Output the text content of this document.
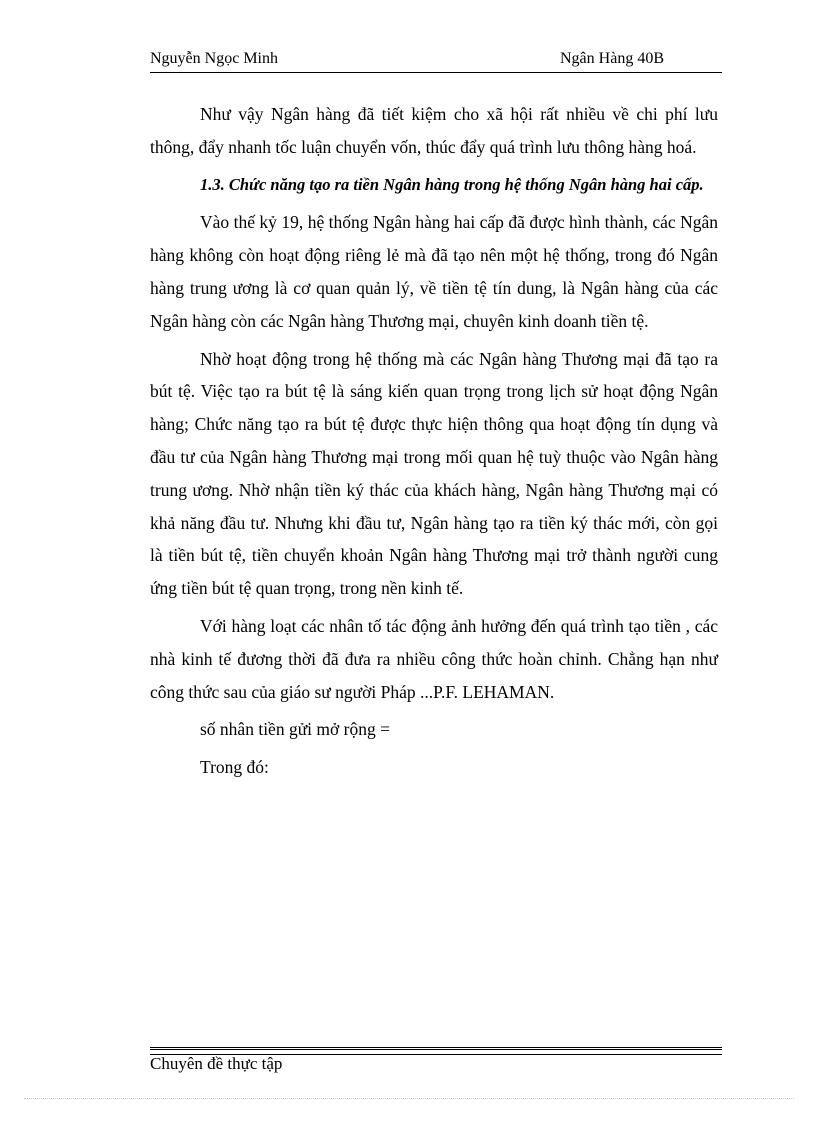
Nguyễn Ngọc Minh	Ngân Hàng 40B

Như vậy Ngân hàng đã tiết kiệm cho xã hội rất nhiều về chi phí lưu thông, đẩy nhanh tốc luận chuyển vốn, thúc đẩy quá trình lưu thông hàng hoá.

1.3. Chức năng tạo ra tiền Ngân hàng trong hệ thống Ngân hàng hai cấp.

Vào thế kỷ 19, hệ thống Ngân hàng hai cấp đã được hình thành, các Ngân hàng không còn hoạt động riêng lẻ mà đã tạo nên một hệ thống, trong đó Ngân hàng trung ương là cơ quan quản lý, về tiền tệ tín dung, là Ngân hàng của các Ngân hàng còn các Ngân hàng Thương mại, chuyên kinh doanh tiền tệ.

Nhờ hoạt động trong hệ thống mà các Ngân hàng Thương mại đã tạo ra bút tệ. Việc tạo ra bút tệ là sáng kiến quan trọng trong lịch sử hoạt động Ngân hàng; Chức năng tạo ra bút tệ được thực hiện thông qua hoạt động tín dụng và đầu tư của Ngân hàng Thương mại trong mối quan hệ tuỳ thuộc vào Ngân hàng trung ương. Nhờ nhận tiền ký thác của khách hàng, Ngân hàng Thương mại có khả năng đầu tư. Nhưng khi đầu tư, Ngân hàng tạo ra tiền ký thác mới, còn gọi là tiền bút tệ, tiền chuyển khoản Ngân hàng Thương mại trở thành người cung ứng tiền bút tệ quan trọng, trong nền kinh tế.

Với hàng loạt các nhân tố tác động ảnh hưởng đến quá trình tạo tiền , các nhà kinh tế đương thời đã đưa ra nhiều công thức hoàn chỉnh. Chẳng hạn như công thức sau của giáo sư người Pháp ...P.F. LEHAMAN.

số nhân tiền gửi mở rộng =

Trong đó:

Chuyên đề thực tập
